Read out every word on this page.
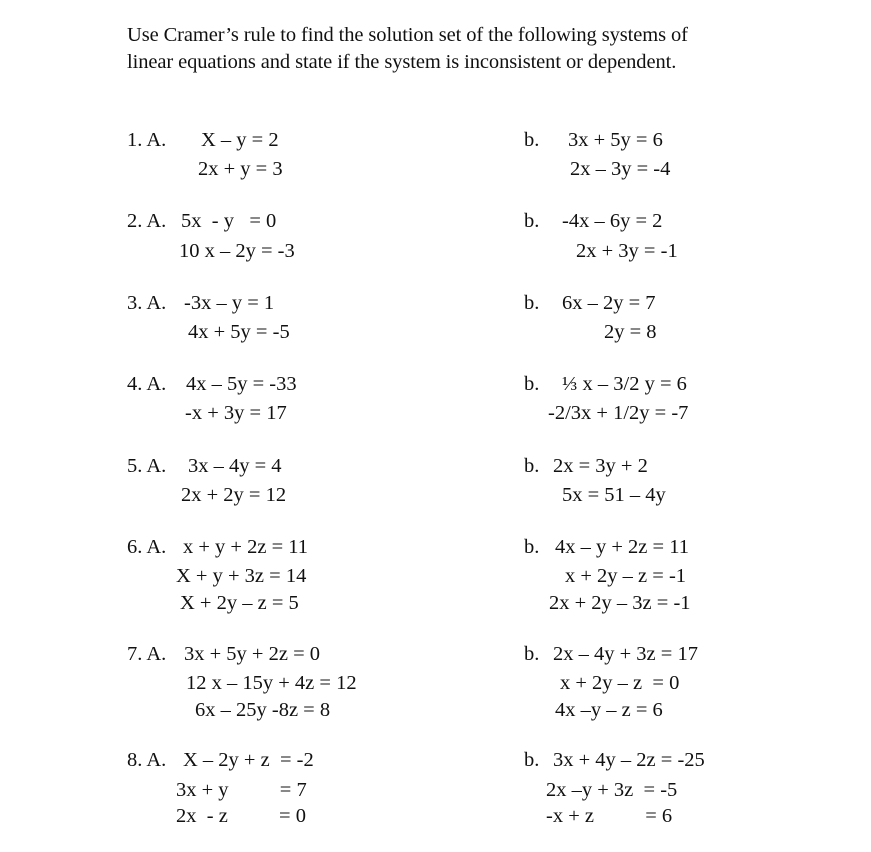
Use Cramer’s rule to find the solution set of the following systems of
linear equations and state if the system is inconsistent or dependent.
1. A. X – y = 2
2x + y = 3
b. 3x + 5y = 6
2x – 3y = -4
2. A. 5x  - y   = 0
10 x – 2y = -3
b. -4x – 6y = 2
2x + 3y = -1
3. A. -3x – y = 1
4x + 5y = -5
b. 6x – 2y = 7
2y = 8
4. A. 4x – 5y = -33
-x + 3y = 17
b. ⅓ x – 3/2 y = 6
-2/3x + 1/2y = -7
5. A. 3x – 4y = 4
2x + 2y = 12
b. 2x = 3y + 2
5x = 51 – 4y
6. A. x + y + 2z = 11
X + y + 3z = 14
X + 2y – z = 5
b. 4x – y + 2z = 11
x + 2y – z = -1
2x + 2y – 3z = -1
7. A. 3x + 5y + 2z = 0
12 x – 15y + 4z = 12
6x – 25y -8z = 8
b. 2x – 4y + 3z = 17
x + 2y – z  = 0
4x –y – z = 6
8. A. X – 2y + z  = -2
3x + y          = 7
2x  - z          = 0
b. 3x + 4y – 2z = -25
2x –y + 3z  = -5
-x + z          = 6
